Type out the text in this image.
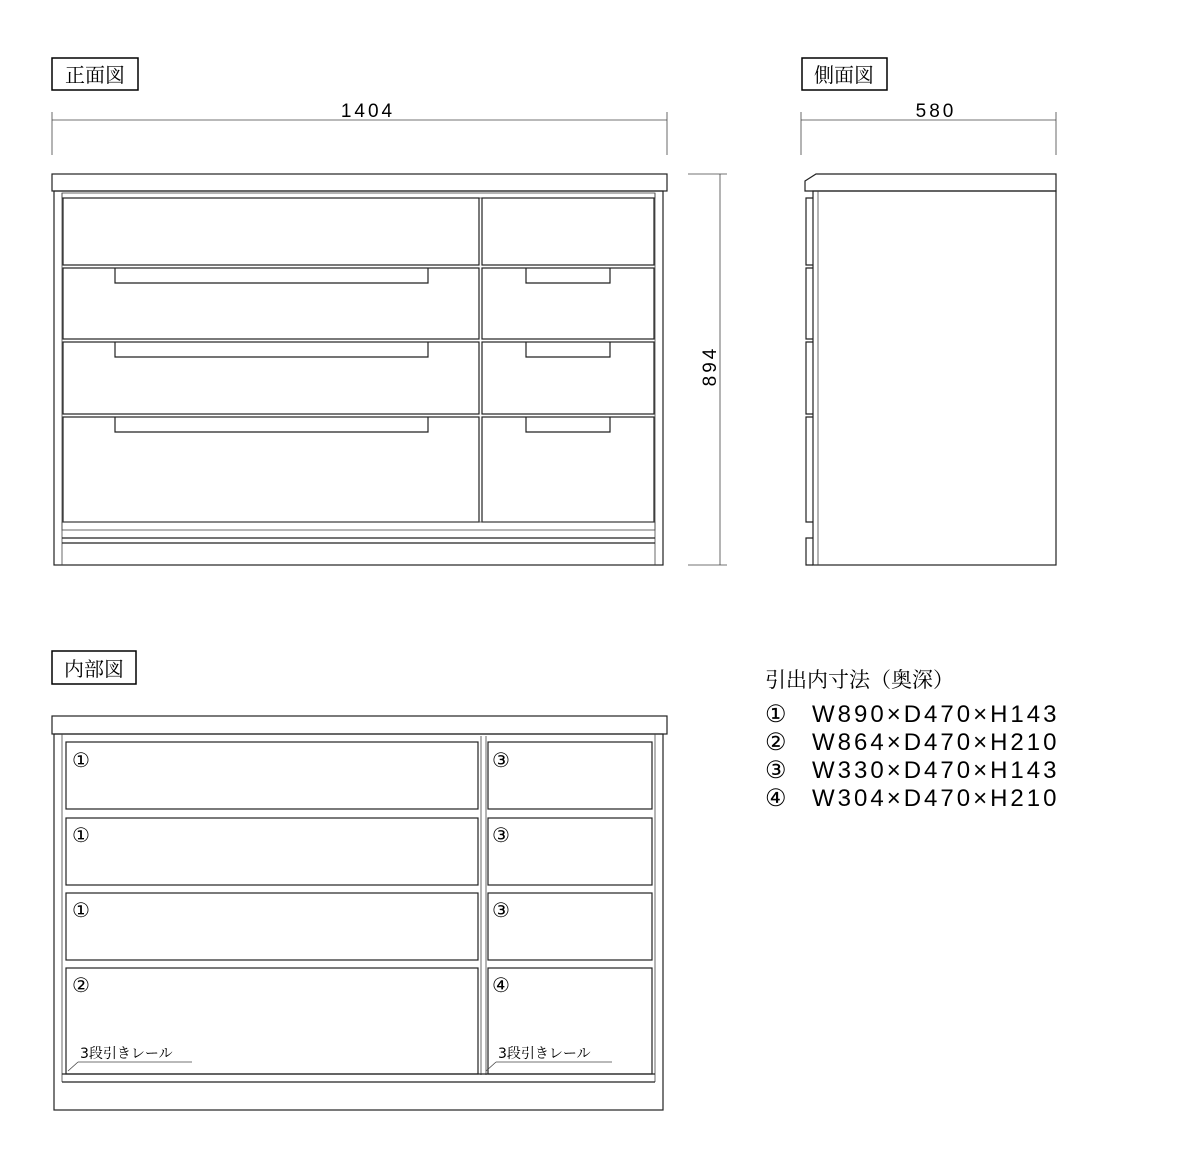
正面図
1404
894
側面図
580
内部図
①
①
①
②
③
③
③
④
3段引きレール	3段引きレール
引出内寸法（奥深）
① W890×D470×H143
② W864×D470×H210
③ W330×D470×H143
④ W304×D470×H210
